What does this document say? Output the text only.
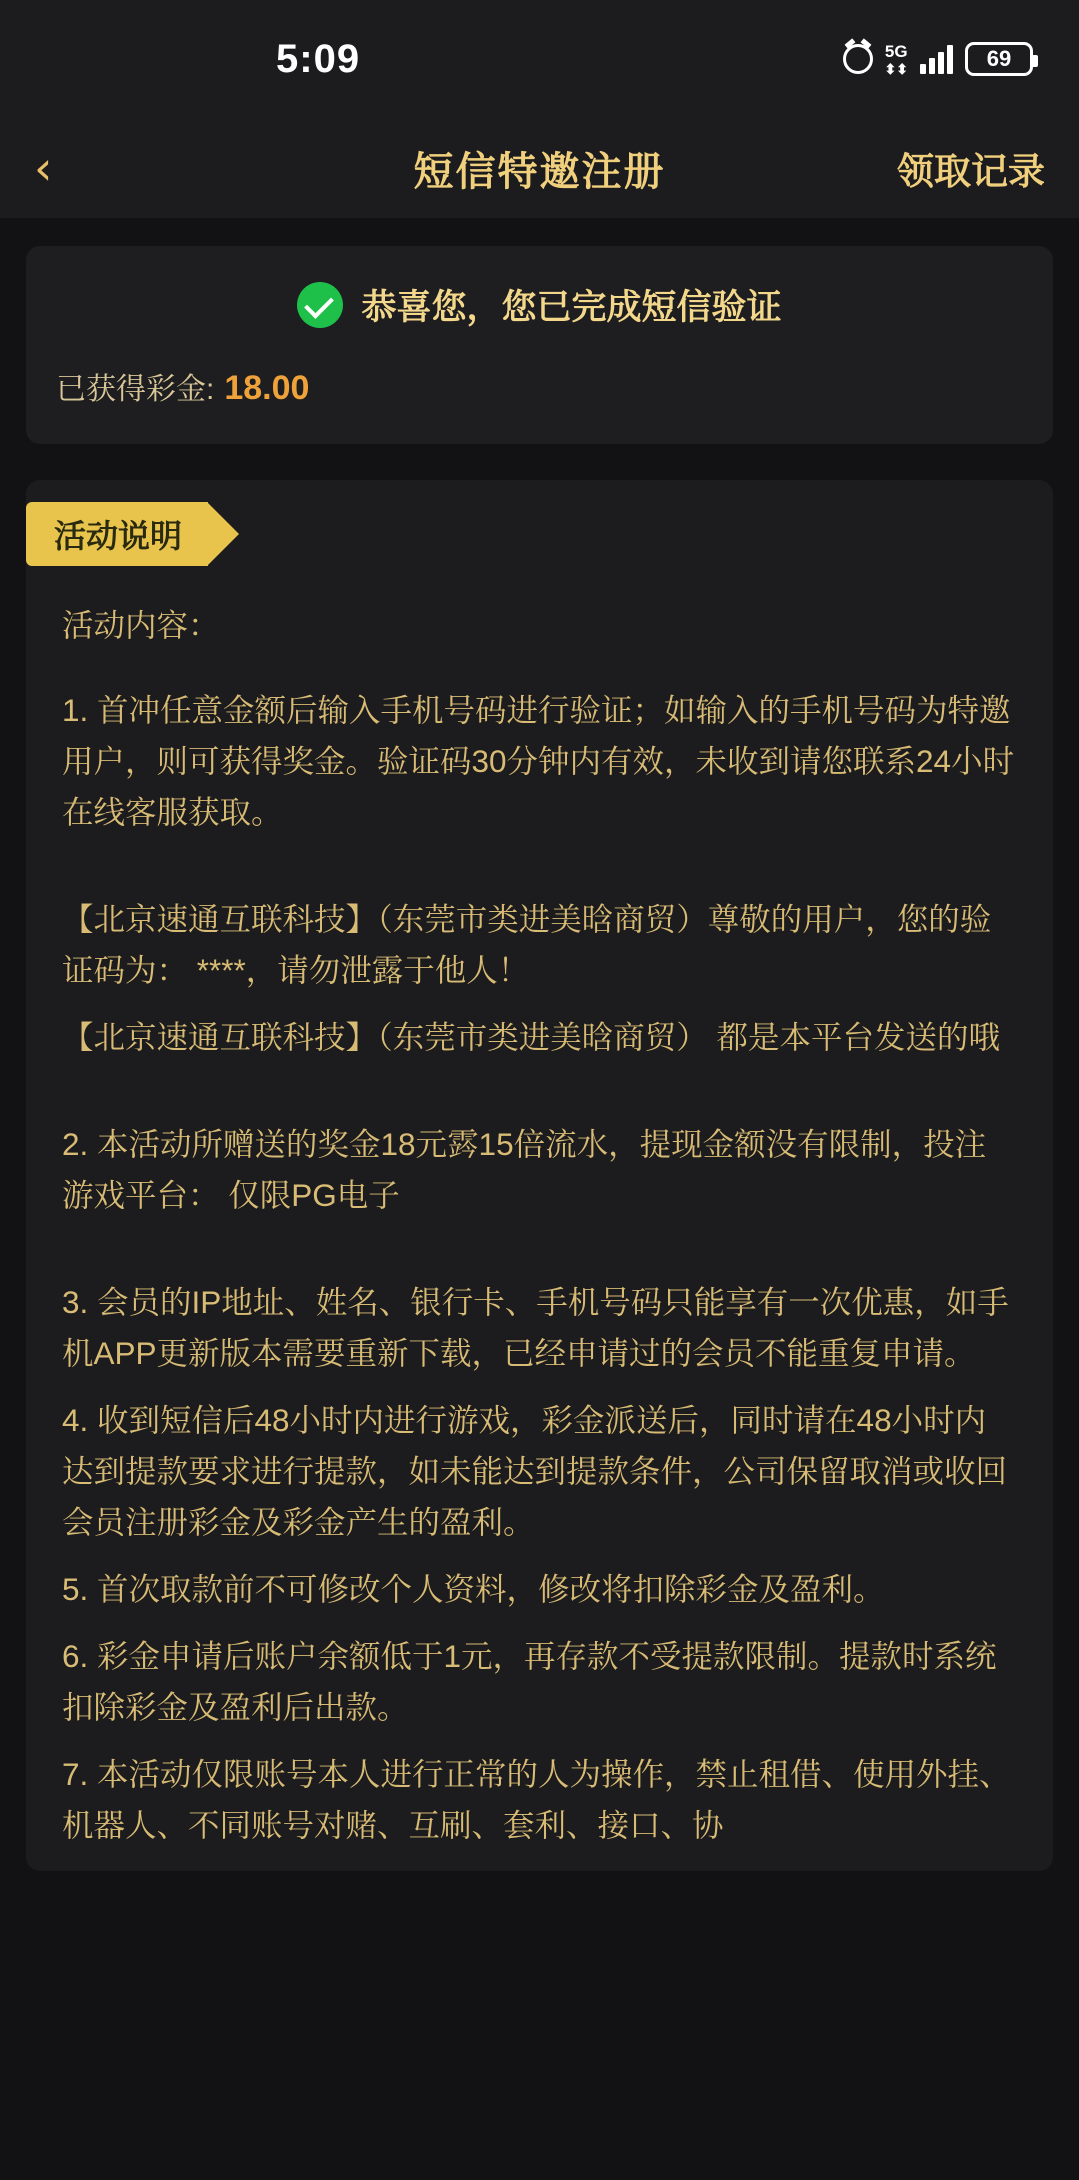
5:09	5G
⬍⬍	69
‹	短信特邀注册	领取记录
恭喜您，您已完成短信验证
已获得彩金: 18.00
活动说明

活动内容：

1. 首冲任意金额后输入手机号码进行验证；如输入的手机号码为特邀用户，则可获得奖金。验证码30分钟内有效，未收到请您联系24小时在线客服获取。

【北京速通互联科技】（东莞市类进美晗商贸）尊敬的用户，您的验证码为： ****，请勿泄露于他人！

【北京速通互联科技】（东莞市类进美晗商贸） 都是本平台发送的哦

2. 本活动所赠送的奖金18元霠15倍流水，提现金额没有限制，投注游戏平台： 仅限PG电子

3. 会员的IP地址、姓名、银行卡、手机号码只能享有一次优惠，如手机APP更新版本需要重新下载，已经申请过的会员不能重复申请。

4. 收到短信后48小时内进行游戏，彩金派送后，同时请在48小时内达到提款要求进行提款，如未能达到提款条件，公司保留取消或收回会员注册彩金及彩金产生的盈利。

5. 首次取款前不可修改个人资料，修改将扣除彩金及盈利。

6. 彩金申请后账户余额低于1元，再存款不受提款限制。提款时系统扣除彩金及盈利后出款。

7. 本活动仅限账号本人进行正常的人为操作，禁止租借、使用外挂、机器人、不同账号对赌、互刷、套利、接口、协
